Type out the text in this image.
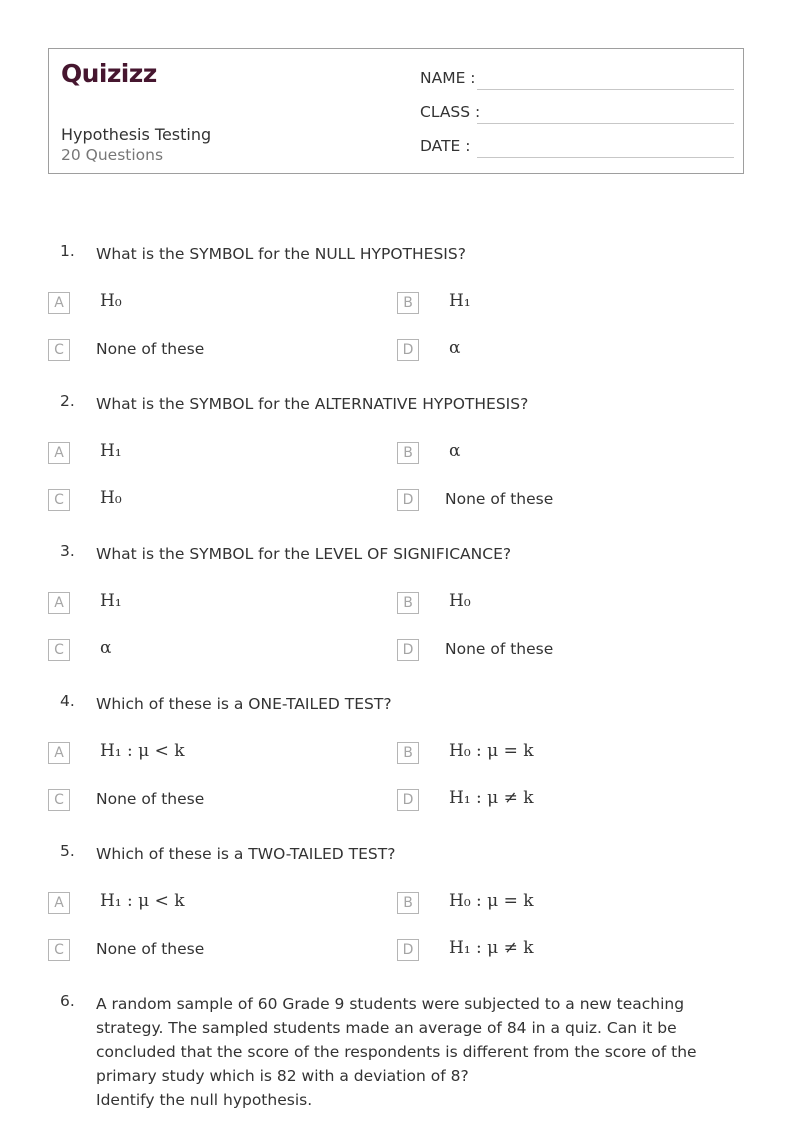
Quizizz
Hypothesis Testing
20 Questions
NAME :
CLASS :
DATE :
1. What is the SYMBOL for the NULL HYPOTHESIS?
A	H₀	B	H₁
C	None of these	D	α
2. What is the SYMBOL for the ALTERNATIVE HYPOTHESIS?
A	H₁	B	α
C	H₀	D	None of these
3. What is the SYMBOL for the LEVEL OF SIGNIFICANCE?
A	H₁	B	H₀
C	α	D	None of these
4. Which of these is a ONE-TAILED TEST?
A	H₁ : μ < k	B	H₀ : μ = k
C	None of these	D	H₁ : μ ≠ k
5. Which of these is a TWO-TAILED TEST?
A	H₁ : μ < k	B	H₀ : μ = k
C	None of these	D	H₁ : μ ≠ k
6. A random sample of 60 Grade 9 students were subjected to a new teaching strategy. The sampled students made an average of 84 in a quiz. Can it be concluded that the score of the respondents is different from the score of the primary study which is 82 with a deviation of 8?
Identify the null hypothesis.
